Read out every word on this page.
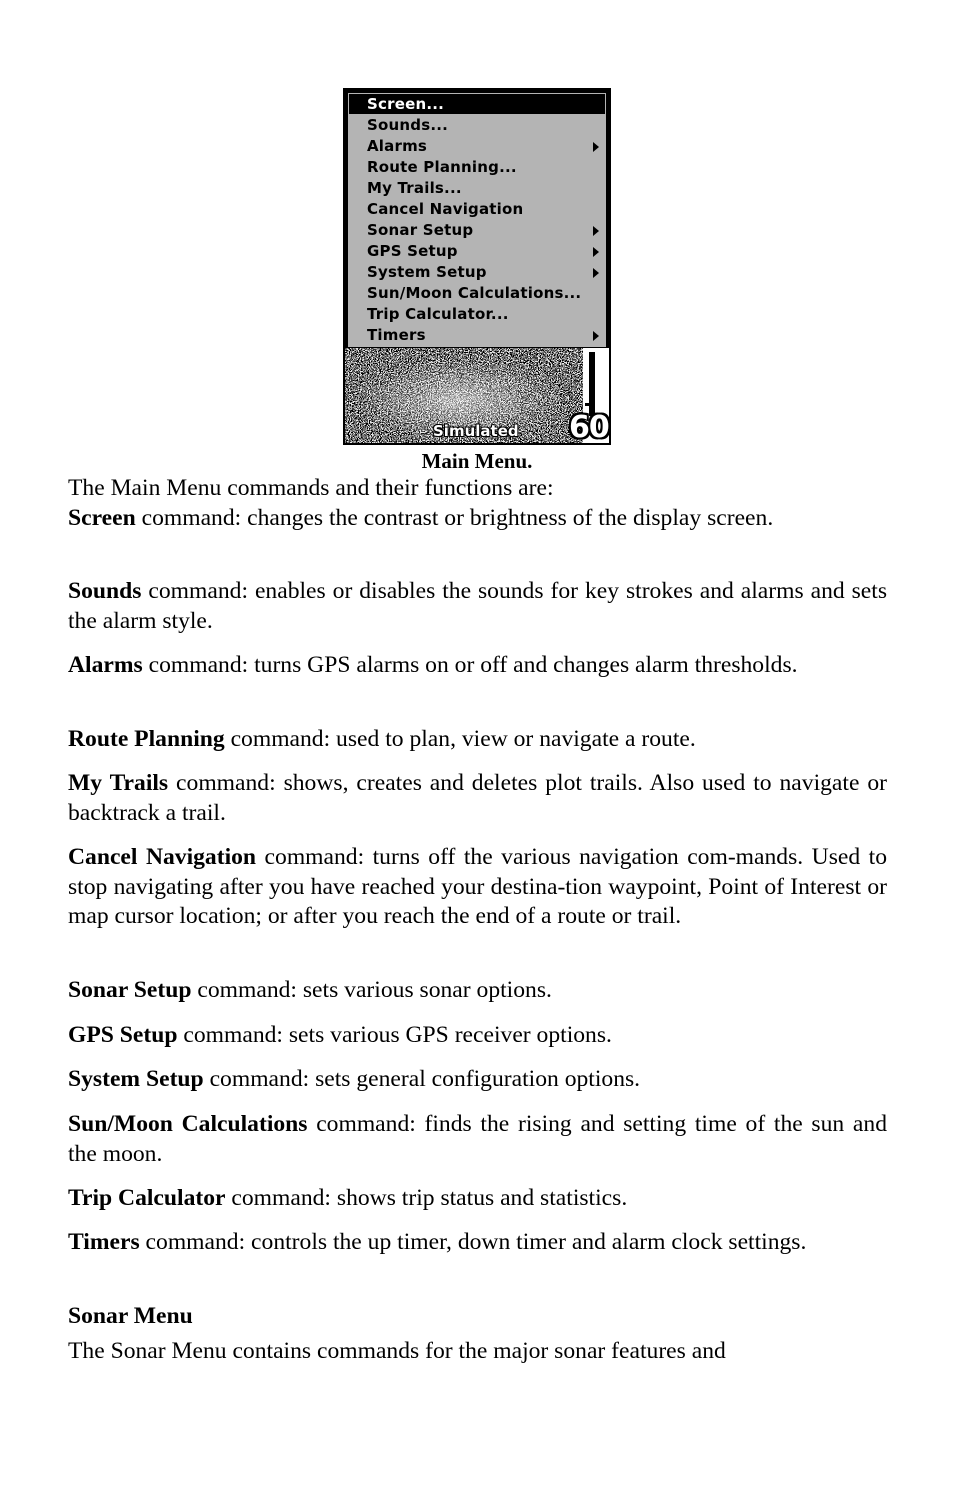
Screen...
Sounds...
Alarms
Route Planning...
My Trails...
Cancel Navigation
Sonar Setup
GPS Setup
System Setup
Sun/Moon Calculations...
Trip Calculator...
Timers
Simulated 60
Main Menu.
The Main Menu commands and their functions are:
Screen command: changes the contrast or brightness of the display screen.
Sounds command: enables or disables the sounds for key strokes and alarms and sets the alarm style.
Alarms command: turns GPS alarms on or off and changes alarm thresholds.
Route Planning command: used to plan, view or navigate a route.
My Trails command: shows, creates and deletes plot trails. Also used to navigate or backtrack a trail.
Cancel Navigation command: turns off the various navigation com-mands. Used to stop navigating after you have reached your destina-tion waypoint, Point of Interest or map cursor location; or after you reach the end of a route or trail.
Sonar Setup command: sets various sonar options.
GPS Setup command: sets various GPS receiver options.
System Setup command: sets general configuration options.
Sun/Moon Calculations command: finds the rising and setting time of the sun and the moon.
Trip Calculator command: shows trip status and statistics.
Timers command: controls the up timer, down timer and alarm clock settings.
Sonar Menu
The Sonar Menu contains commands for the major sonar features and
